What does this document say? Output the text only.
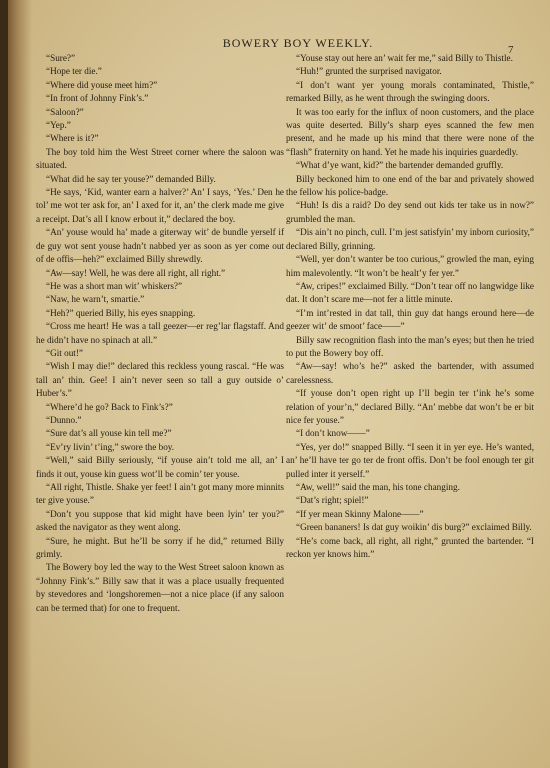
BOWERY BOY WEEKLY.	7

“Sure?”

“Hope ter die.”

“Where did youse meet him?”

“In front of Johnny Fink’s.”

“Saloon?”

“Yep.”

“Where is it?”

The boy told him the West Street corner where the saloon was situated.

“What did he say ter youse?” demanded Billy.

“He says, ‘Kid, wanter earn a halver?’ An’ I says, ‘Yes.’ Den he tol’ me wot ter ask for, an’ I axed for it, an’ the clerk made me give a receipt. Dat’s all I know erbout it,” declared the boy.

“An’ youse would ha’ made a giterway wit’ de bundle yerself if de guy wot sent youse hadn’t nabbed yer as soon as yer come out of de offis—heh?” exclaimed Billy shrewdly.

“Aw—say! Well, he was dere all right, all right.”

“He was a short man wit’ whiskers?”

“Naw, he warn’t, smartie.”

“Heh?” queried Billy, his eyes snapping.

“Cross me heart! He was a tall geezer—er reg’lar flagstaff. And he didn’t have no spinach at all.”

“Git out!”

“Wish I may die!” declared this reckless young rascal. “He was tall an’ thin. Gee! I ain’t never seen so tall a guy outside o’ Huber’s.”

“Where’d he go? Back to Fink’s?”

“Dunno.”

“Sure dat’s all youse kin tell me?”

“Ev’ry livin’ t’ing,” swore the boy.

“Well,” said Billy seriously, “if youse ain’t told me all, an’ I finds it out, youse kin guess wot’ll be comin’ ter youse.

“All right, Thistle. Shake yer feet! I ain’t got many more minnits ter give youse.”

“Don’t you suppose that kid might have been lyin’ ter you?” asked the navigator as they went along.

“Sure, he might. But he’ll be sorry if he did,” returned Billy grimly.

The Bowery boy led the way to the West Street saloon known as “Johnny Fink’s.” Billy saw that it was a place usually frequented by stevedores and ‘longshoremen—not a nice place (if any saloon can be termed that) for one to frequent.

“Youse stay out here an’ wait fer me,” said Billy to Thistle.

“Huh!” grunted the surprised navigator.

“I don’t want yer young morals contaminated, Thistle,” remarked Billy, as he went through the swinging doors.

It was too early for the influx of noon customers, and the place was quite deserted. Billy’s sharp eyes scanned the few men present, and he made up his mind that there were none of the “flash” fraternity on hand. Yet he made his inquiries guardedly.

“What d’ye want, kid?” the bartender demanded gruffly.

Billy beckoned him to one end of the bar and privately showed the fellow his police-badge.

“Huh! Is dis a raid? Do dey send out kids ter take us in now?” grumbled the man.

“Dis ain’t no pinch, cull. I’m jest satisfyin’ my inborn curiosity,” declared Billy, grinning.

“Well, yer don’t wanter be too curious,” growled the man, eying him malevolently. “It won’t be healt’y fer yer.”

“Aw, cripes!” exclaimed Billy. “Don’t tear off no langwidge like dat. It don’t scare me—not fer a little minute.

“I’m int’rested in dat tall, thin guy dat hangs eround here—de geezer wit’ de smoot’ face——”

Billy saw recognition flash into the man’s eyes; but then he tried to put the Bowery boy off.

“Aw—say! who’s he?” asked the bartender, with assumed carelessness.

“If youse don’t open right up I’ll begin ter t’ink he’s some relation of your’n,” declared Billy. “An’ mebbe dat won’t be er bit nice fer youse.”

“I don’t know——”

“Yes, yer do!” snapped Billy. “I seen it in yer eye. He’s wanted, an’ he’ll have ter go ter de front offis. Don’t be fool enough ter git pulled inter it yerself.”

“Aw, well!” said the man, his tone changing.

“Dat’s right; spiel!”

“If yer mean Skinny Malone——”

“Green bananers! Is dat guy woikin’ dis burg?” exclaimed Billy.

“He’s come back, all right, all right,” grunted the bartender. “I reckon yer knows him.”
